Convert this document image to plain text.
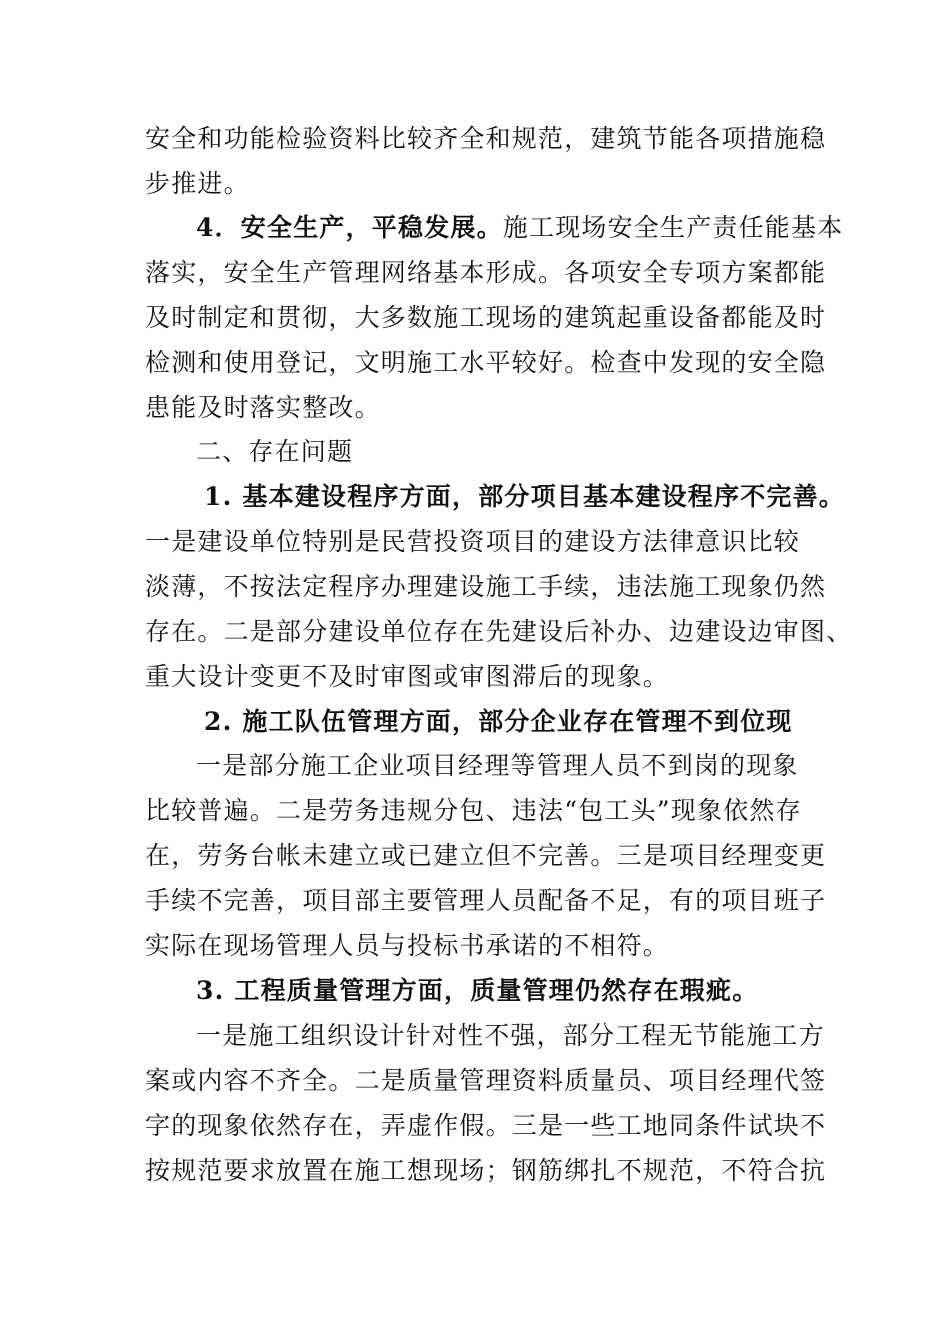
安全和功能检验资料比较齐全和规范，建筑节能各项措施稳
步推进。
4．安全生产，平稳发展。施工现场安全生产责任能基本
落实，安全生产管理网络基本形成。各项安全专项方案都能
及时制定和贯彻，大多数施工现场的建筑起重设备都能及时
检测和使用登记，文明施工水平较好。检查中发现的安全隐
患能及时落实整改。
二、存在问题
1. 基本建设程序方面，部分项目基本建设程序不完善。
一是建设单位特别是民营投资项目的建设方法律意识比较
淡薄，不按法定程序办理建设施工手续，违法施工现象仍然
存在。二是部分建设单位存在先建设后补办、边建设边审图、
重大设计变更不及时审图或审图滞后的现象。
2. 施工队伍管理方面，部分企业存在管理不到位现
一是部分施工企业项目经理等管理人员不到岗的现象
比较普遍。二是劳务违规分包、违法“包工头”现象依然存
在，劳务台帐未建立或已建立但不完善。三是项目经理变更
手续不完善，项目部主要管理人员配备不足，有的项目班子
实际在现场管理人员与投标书承诺的不相符。
3. 工程质量管理方面，质量管理仍然存在瑕疵。
一是施工组织设计针对性不强，部分工程无节能施工方
案或内容不齐全。二是质量管理资料质量员、项目经理代签
字的现象依然存在，弄虚作假。三是一些工地同条件试块不
按规范要求放置在施工想现场；钢筋绑扎不规范，不符合抗
